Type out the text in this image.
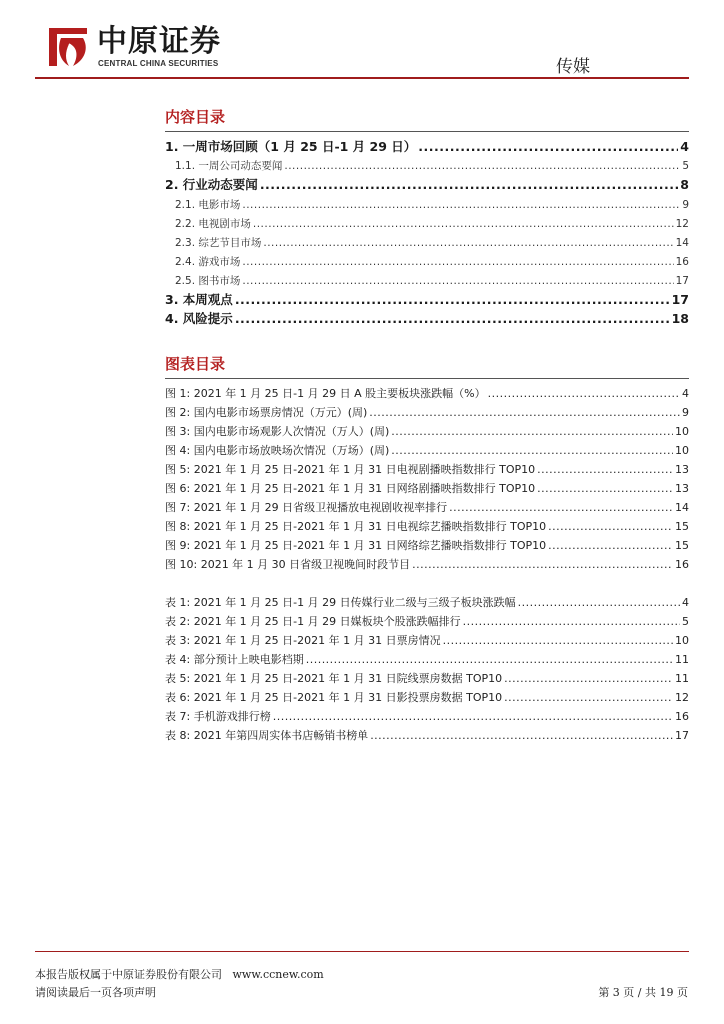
中原证券
CENTRAL CHINA SECURITIES	传媒
内容目录
1. 一周市场回顾（1 月 25 日-1 月 29 日） .....	4
1.1. 一周公司动态要闻 .....	5
2. 行业动态要闻 .....	8
2.1. 电影市场 .....	9
2.2. 电视剧市场 .....	12
2.3. 综艺节目市场 .....	14
2.4. 游戏市场 .....	16
2.5. 图书市场 .....	17
3. 本周观点 .....	17
4. 风险提示 .....	18
图表目录
图 1: 2021 年 1 月 25 日-1 月 29 日 A 股主要板块涨跌幅（%） .....	4
图 2: 国内电影市场票房情况（万元）(周) .....	9
图 3: 国内电影市场观影人次情况（万人）(周) .....	10
图 4: 国内电影市场放映场次情况（万场）(周) .....	10
图 5: 2021 年 1 月 25 日-2021 年 1 月 31 日电视剧播映指数排行 TOP10 .....	13
图 6: 2021 年 1 月 25 日-2021 年 1 月 31 日网络剧播映指数排行 TOP10 .....	13
图 7: 2021 年 1 月 29 日省级卫视播放电视剧收视率排行 .....	14
图 8: 2021 年 1 月 25 日-2021 年 1 月 31 日电视综艺播映指数排行 TOP10 .....	15
图 9: 2021 年 1 月 25 日-2021 年 1 月 31 日网络综艺播映指数排行 TOP10 .....	15
图 10: 2021 年 1 月 30 日省级卫视晚间时段节目 .....	16
表 1: 2021 年 1 月 25 日-1 月 29 日传媒行业二级与三级子板块涨跌幅 .....	4
表 2: 2021 年 1 月 25 日-1 月 29 日媒板块个股涨跌幅排行 .....	5
表 3: 2021 年 1 月 25 日-2021 年 1 月 31 日票房情况 .....	10
表 4: 部分预计上映电影档期 .....	11
表 5: 2021 年 1 月 25 日-2021 年 1 月 31 日院线票房数据 TOP10 .....	11
表 6: 2021 年 1 月 25 日-2021 年 1 月 31 日影投票房数据 TOP10 .....	12
表 7: 手机游戏排行榜 .....	16
表 8: 2021 年第四周实体书店畅销书榜单 .....	17
本报告版权属于中原证券股份有限公司 www.ccnew.com
请阅读最后一页各项声明	第 3 页 / 共 19 页
